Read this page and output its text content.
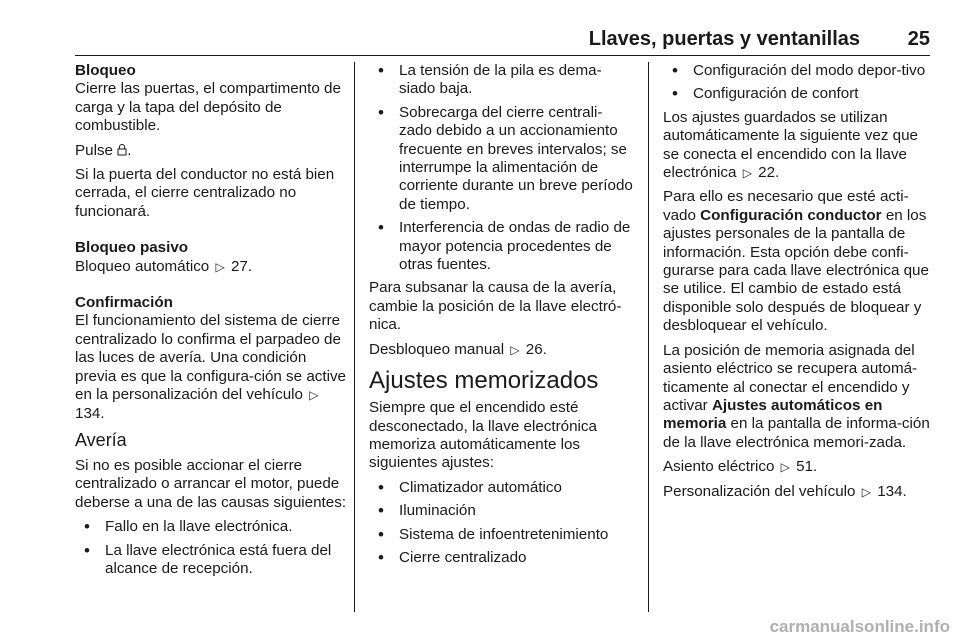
Llaves, puertas y ventanillas	25

Bloqueo

Cierre las puertas, el compartimento de carga y la tapa del depósito de combustible.

Pulse .

Si la puerta del conductor no está bien cerrada, el cierre centralizado no funcionará.

Bloqueo pasivo

Bloqueo automático ▷ 27.

Confirmación

El funcionamiento del sistema de cierre centralizado lo confirma el parpadeo de las luces de avería. Una condición previa es que la configura-ción se active en la personalización del vehículo ▷ 134.

Avería

Si no es posible accionar el cierre centralizado o arrancar el motor, puede deberse a una de las causas siguientes:

• Fallo en la llave electrónica.
• La llave electrónica está fuera del alcance de recepción.
• La tensión de la pila es dema-siado baja.
• Sobrecarga del cierre centrali-zado debido a un accionamiento frecuente en breves intervalos; se interrumpe la alimentación de corriente durante un breve período de tiempo.
• Interferencia de ondas de radio de mayor potencia procedentes de otras fuentes.

Para subsanar la causa de la avería, cambie la posición de la llave electró-nica.

Desbloqueo manual ▷ 26.

Ajustes memorizados

Siempre que el encendido esté desconectado, la llave electrónica memoriza automáticamente los siguientes ajustes:

• Climatizador automático
• Iluminación
• Sistema de infoentretenimiento
• Cierre centralizado
• Configuración del modo depor-tivo
• Configuración de confort

Los ajustes guardados se utilizan automáticamente la siguiente vez que se conecta el encendido con la llave electrónica ▷ 22.

Para ello es necesario que esté acti-vado Configuración conductor en los ajustes personales de la pantalla de información. Esta opción debe confi-gurarse para cada llave electrónica que se utilice. El cambio de estado está disponible solo después de bloquear y desbloquear el vehículo.

La posición de memoria asignada del asiento eléctrico se recupera automá-ticamente al conectar el encendido y activar Ajustes automáticos en memoria en la pantalla de informa-ción de la llave electrónica memori-zada.

Asiento eléctrico ▷ 51.

Personalización del vehículo ▷ 134.

carmanualsonline.info
